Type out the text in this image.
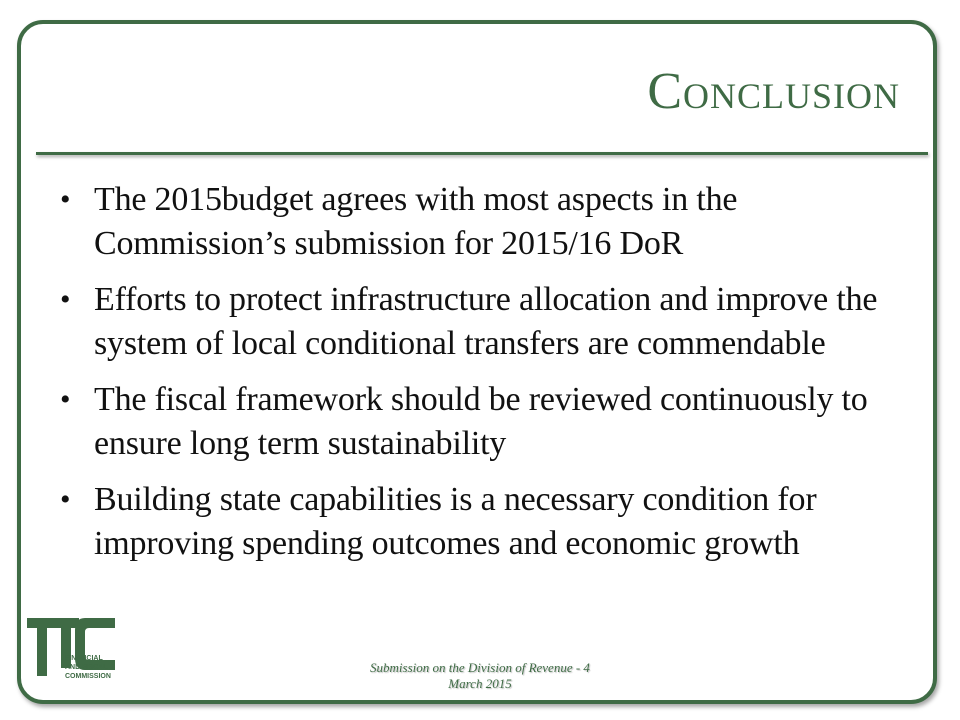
Conclusion
FINANCIAL
AND FISCAL
COMMISSION
• The 2015budget agrees with most aspects in the Commission’s submission for 2015/16 DoR
• Efforts to protect infrastructure allocation and improve the system of local conditional transfers are commendable
• The fiscal framework should be reviewed continuously to ensure long term sustainability
• Building state capabilities is a necessary condition for improving spending outcomes and economic growth
Submission on the Division of Revenue - 4
March 2015
